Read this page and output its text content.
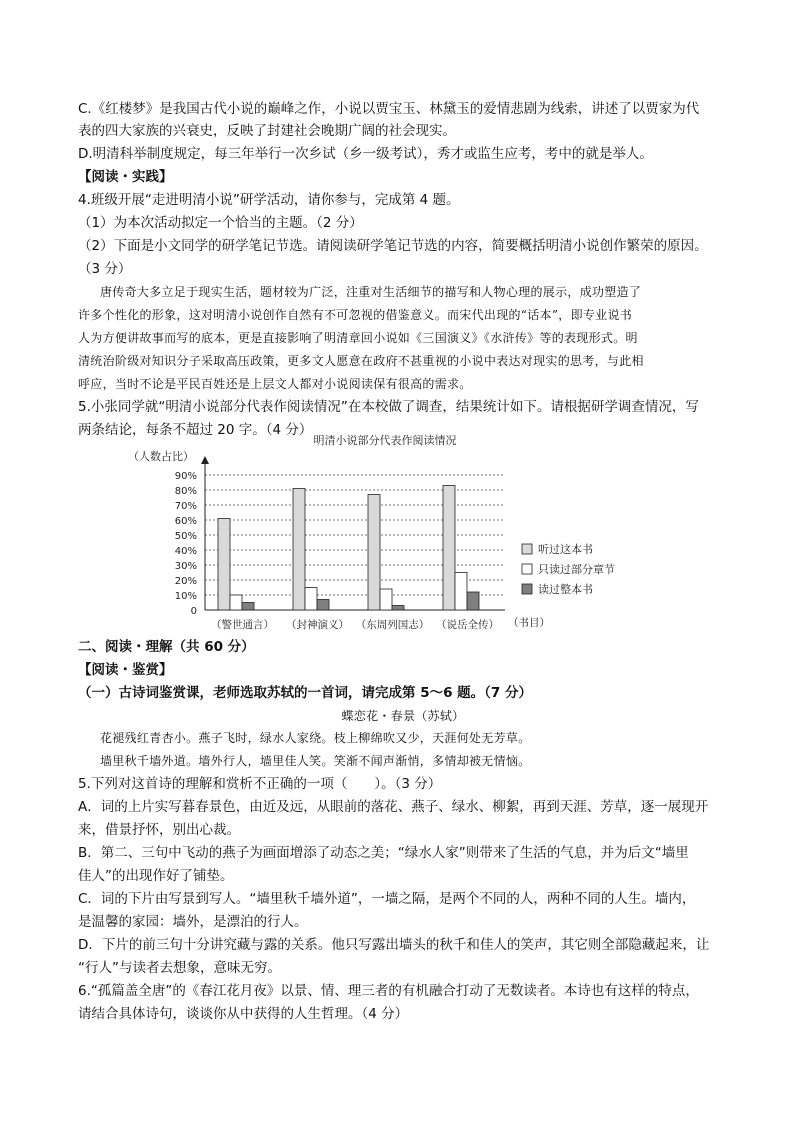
C.《红楼梦》是我国古代小说的巅峰之作，小说以贾宝玉、林黛玉的爱情悲剧为线索，讲述了以贾家为代
表的四大家族的兴衰史，反映了封建社会晚期广阔的社会现实。
D.明清科举制度规定，每三年举行一次乡试（乡一级考试），秀才或监生应考，考中的就是举人。
【阅读・实践】
4.班级开展“走进明清小说”研学活动，请你参与，完成第 4 题。
（1）为本次活动拟定一个恰当的主题。（2 分）
（2）下面是小文同学的研学笔记节选。请阅读研学笔记节选的内容，简要概括明清小说创作繁荣的原因。
（3 分）
唐传奇大多立足于现实生活，题材较为广泛，注重对生活细节的描写和人物心理的展示，成功塑造了
许多个性化的形象，这对明清小说创作自然有不可忽视的借鉴意义。而宋代出现的“话本”，即专业说书
人为方便讲故事而写的底本，更是直接影响了明清章回小说如《三国演义》《水浒传》等的表现形式。明
清统治阶级对知识分子采取高压政策，更多文人愿意在政府不甚重视的小说中表达对现实的思考，与此相
呼应，当时不论是平民百姓还是上层文人都对小说阅读保有很高的需求。
5.小张同学就“明清小说部分代表作阅读情况”在本校做了调查，结果统计如下。请根据研学调查情况，写
两条结论，每条不超过 20 字。（4 分）
明清小说部分代表作阅读情况
（人数占比）
0
10%
20%
30%
40%
50%
60%
70%
80%
90%
（警世通言） （封神演义） （东周列国志） （说岳全传） （书目）
听过这本书
只读过部分章节
读过整本书
二、阅读・理解（共 60 分）
【阅读・鉴赏】
（一）古诗词鉴赏课，老师选取苏轼的一首词，请完成第 5～6 题。（7 分）
蝶恋花・春景（苏轼）
花褪残红青杏小。燕子飞时，绿水人家绕。枝上柳绵吹又少，天涯何处无芳草。
墙里秋千墙外道。墙外行人，墙里佳人笑。笑渐不闻声渐悄，多情却被无情恼。
5.下列对这首诗的理解和赏析不正确的一项（　　）。（3 分）
A．词的上片实写暮春景色，由近及远，从眼前的落花、燕子、绿水、柳絮，再到天涯、芳草，逐一展现开
来，借景抒怀，别出心裁。
B．第二、三句中飞动的燕子为画面增添了动态之美；“绿水人家”则带来了生活的气息，并为后文“墙里
佳人”的出现作好了铺垫。
C．词的下片由写景到写人。“墙里秋千墙外道”，一墙之隔，是两个不同的人，两种不同的人生。墙内，
是温馨的家园：墙外，是漂泊的行人。
D．下片的前三句十分讲究藏与露的关系。他只写露出墙头的秋千和佳人的笑声，其它则全部隐藏起来，让
“行人”与读者去想象，意味无穷。
6.“孤篇盖全唐”的《春江花月夜》以景、情、理三者的有机融合打动了无数读者。本诗也有这样的特点，
请结合具体诗句，谈谈你从中获得的人生哲理。（4 分）
